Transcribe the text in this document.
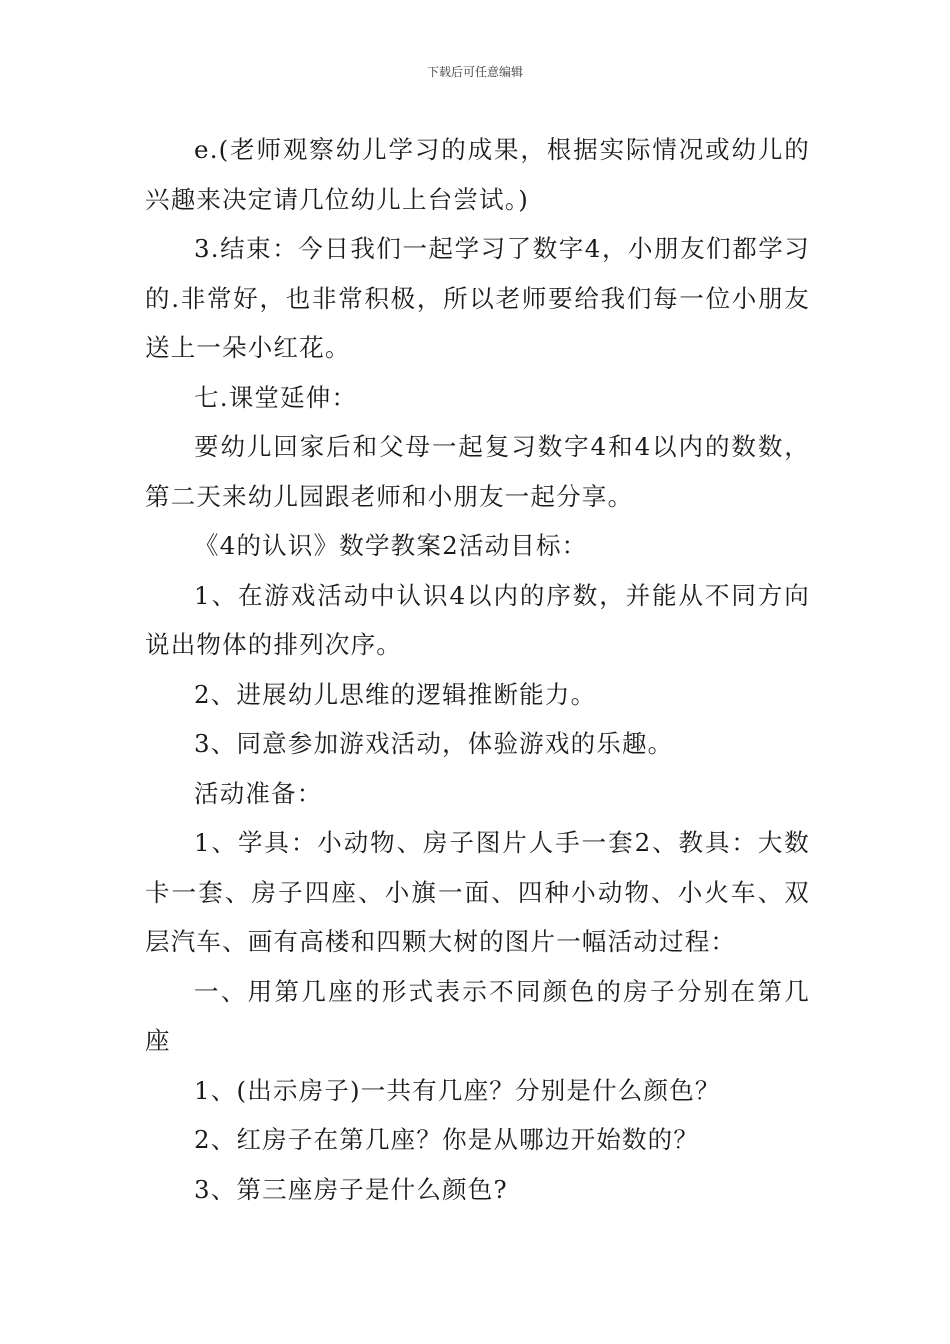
下载后可任意编辑

e.(老师观察幼儿学习的成果，根据实际情况或幼儿的兴趣来决定请几位幼儿上台尝试。)

3.结束：今日我们一起学习了数字4，小朋友们都学习的.非常好，也非常积极，所以老师要给我们每一位小朋友送上一朵小红花。

七.课堂延伸：

要幼儿回家后和父母一起复习数字4和4以内的数数，第二天来幼儿园跟老师和小朋友一起分享。

《4的认识》数学教案2活动目标：

1、在游戏活动中认识4以内的序数，并能从不同方向说出物体的排列次序。

2、进展幼儿思维的逻辑推断能力。

3、同意参加游戏活动，体验游戏的乐趣。

活动准备：

1、学具：小动物、房子图片人手一套2、教具：大数卡一套、房子四座、小旗一面、四种小动物、小火车、双层汽车、画有高楼和四颗大树的图片一幅活动过程：

一、用第几座的形式表示不同颜色的房子分别在第几座

1、(出示房子)一共有几座？分别是什么颜色？

2、红房子在第几座？你是从哪边开始数的？

3、第三座房子是什么颜色?
